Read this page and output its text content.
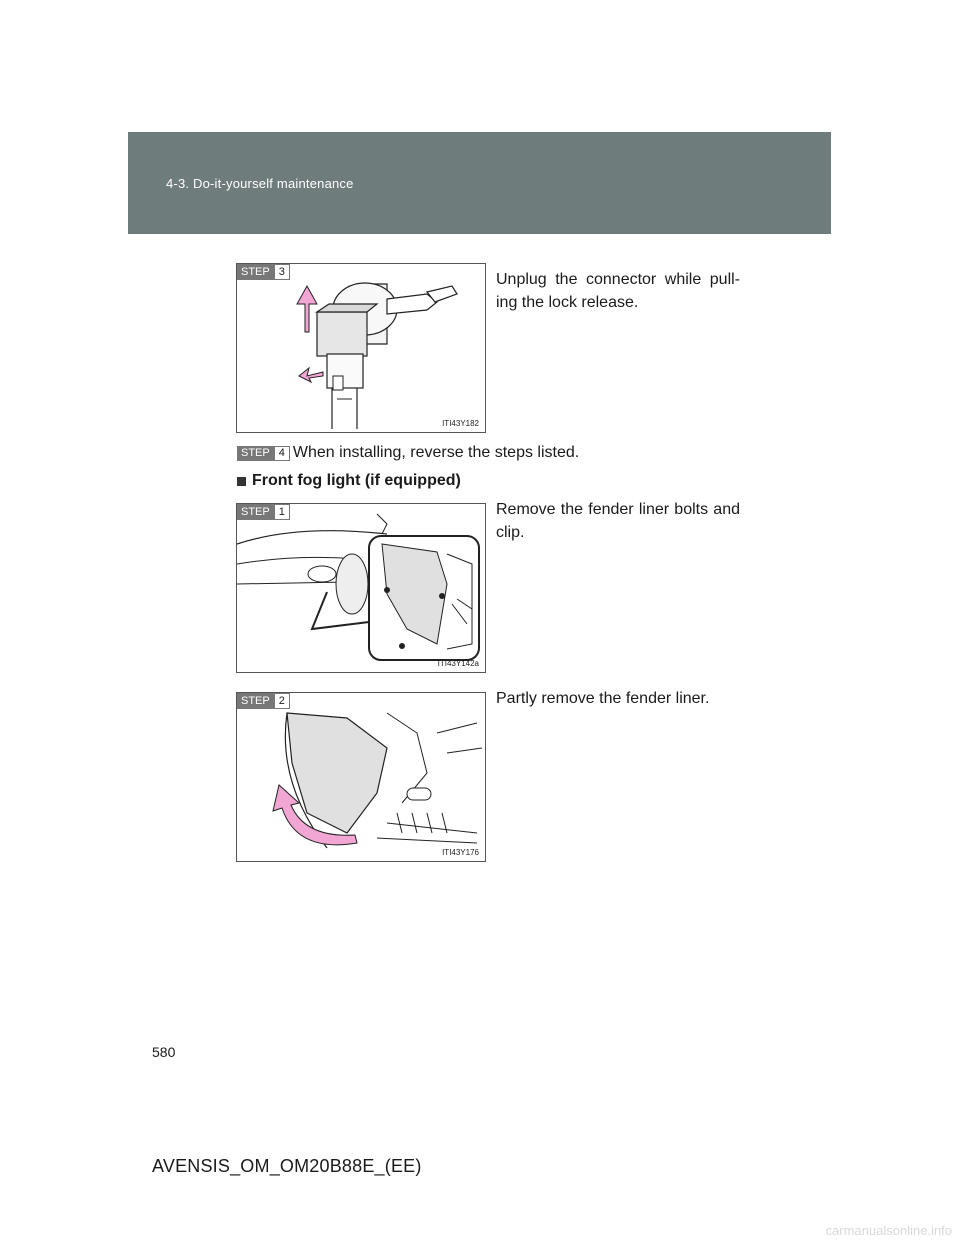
4-3. Do-it-yourself maintenance
STEP 3
ITI43Y182
Unplug the connector while pull-ing the lock release.
STEP 4 When installing, reverse the steps listed.
Front fog light (if equipped)
STEP 1
ITI43Y142a
Remove the fender liner bolts and clip.
STEP 2
ITI43Y176
Partly remove the fender liner.
580
AVENSIS_OM_OM20B88E_(EE)
carmanualsonline.info
